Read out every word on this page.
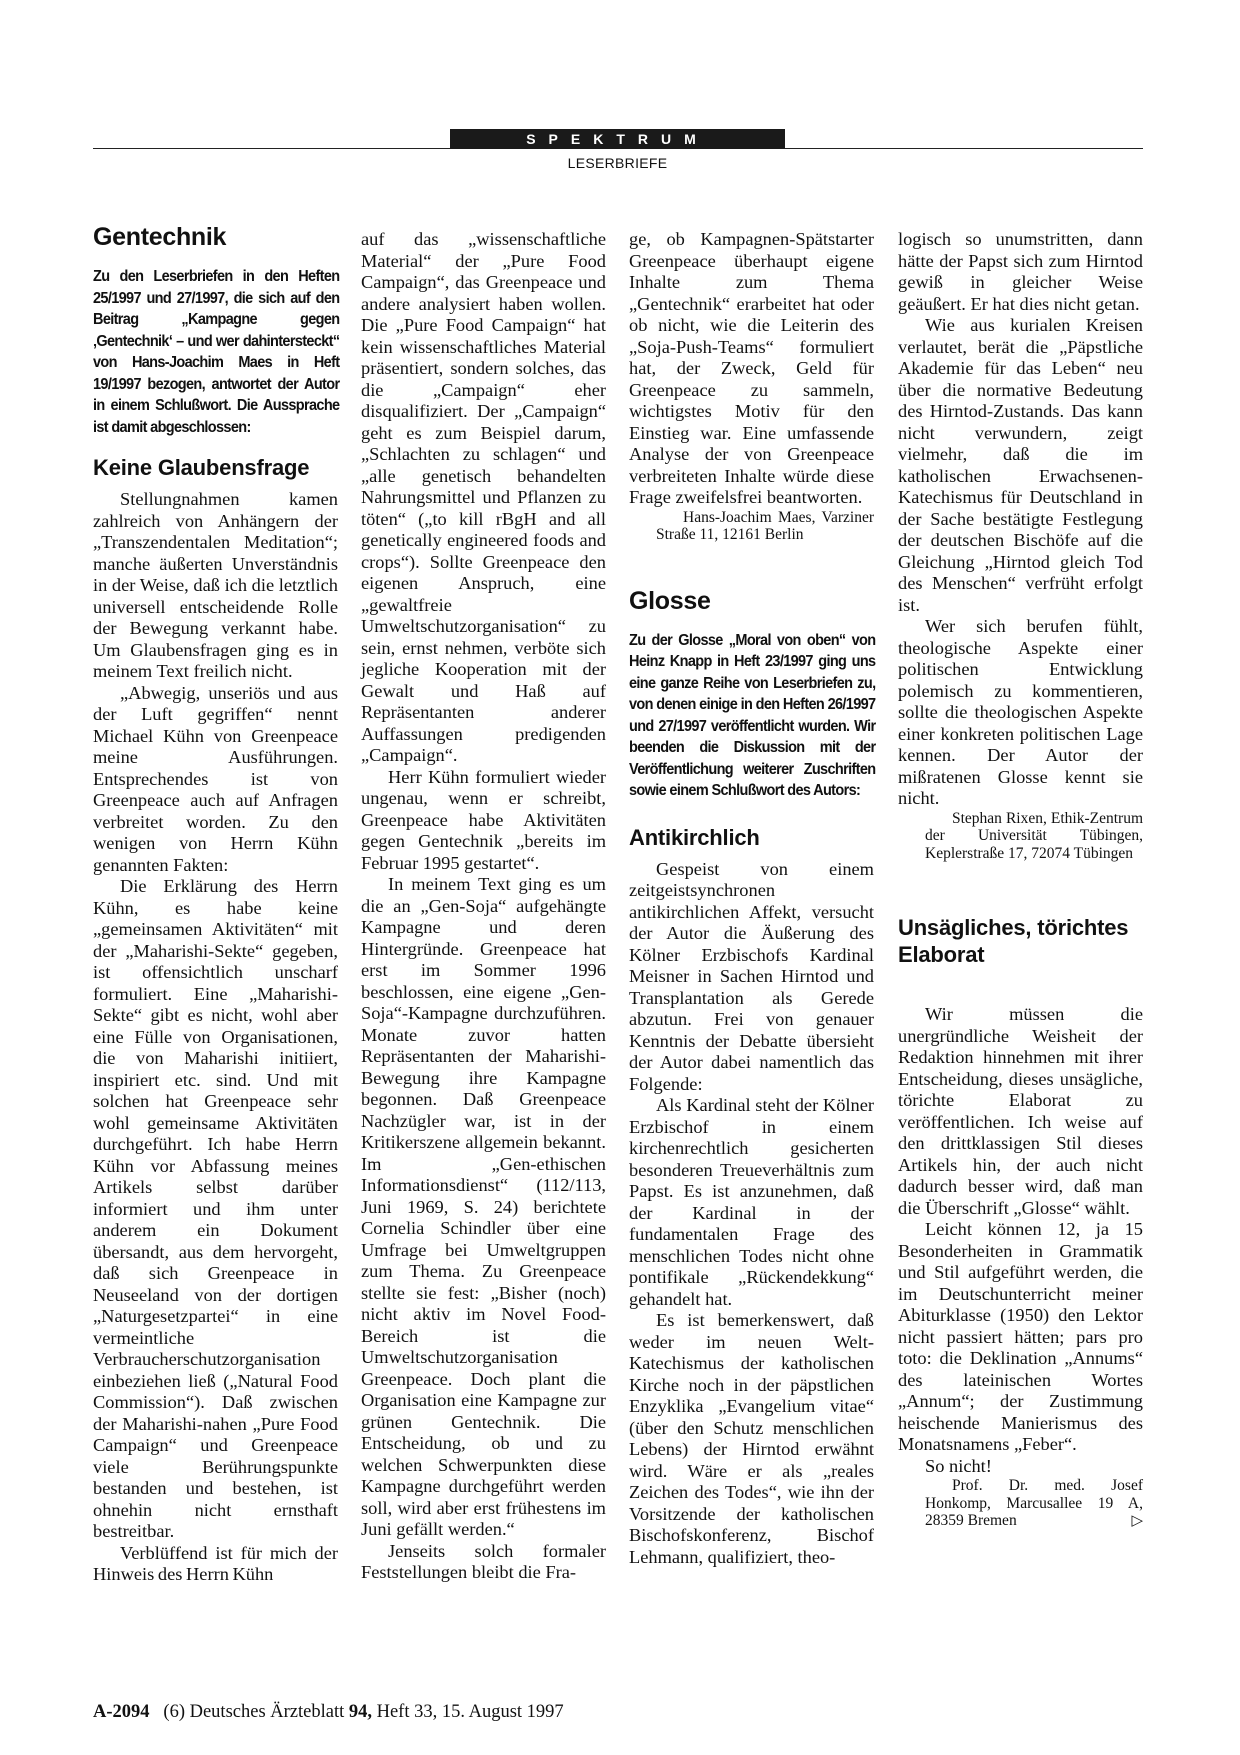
SPEKTRUM
LESERBRIEFE
Gentechnik
Zu den Leserbriefen in den Heften 25/1997 und 27/1997, die sich auf den Beitrag „Kampagne gegen ‚Gentechnik‘ – und wer dahintersteckt“ von Hans-Joachim Maes in Heft 19/1997 bezogen, antwortet der Autor in einem Schlußwort. Die Aussprache ist damit abgeschlossen:
Keine Glaubensfrage

Stellungnahmen kamen zahlreich von Anhängern der „Transzendentalen Meditation“; manche äußerten Unverständnis in der Weise, daß ich die letztlich universell entscheidende Rolle der Bewegung verkannt habe. Um Glaubensfragen ging es in meinem Text freilich nicht.

„Abwegig, unseriös und aus der Luft gegriffen“ nennt Michael Kühn von Greenpeace meine Ausführungen. Entsprechendes ist von Greenpeace auch auf Anfragen verbreitet worden. Zu den wenigen von Herrn Kühn genannten Fakten:

Die Erklärung des Herrn Kühn, es habe keine „gemeinsamen Aktivitäten“ mit der „Maharishi-Sekte“ gegeben, ist offensichtlich unscharf formuliert. Eine „Maharishi-Sekte“ gibt es nicht, wohl aber eine Fülle von Organisationen, die von Maharishi initiiert, inspiriert etc. sind. Und mit solchen hat Greenpeace sehr wohl gemeinsame Aktivitäten durchgeführt. Ich habe Herrn Kühn vor Abfassung meines Artikels selbst darüber informiert und ihm unter anderem ein Dokument übersandt, aus dem hervorgeht, daß sich Greenpeace in Neuseeland von der dortigen „Naturgesetzpartei“ in eine vermeintliche Verbraucherschutzorganisation einbeziehen ließ („Natural Food Commission“). Daß zwischen der Maharishi-nahen „Pure Food Campaign“ und Greenpeace viele Berührungspunkte bestanden und bestehen, ist ohnehin nicht ernsthaft bestreitbar.

Verblüffend ist für mich der Hinweis des Herrn Kühn

auf das „wissenschaftliche Material“ der „Pure Food Campaign“, das Greenpeace und andere analysiert haben wollen. Die „Pure Food Campaign“ hat kein wissenschaftliches Material präsentiert, sondern solches, das die „Campaign“ eher disqualifiziert. Der „Campaign“ geht es zum Beispiel darum, „Schlachten zu schlagen“ und „alle genetisch behandelten Nahrungsmittel und Pflanzen zu töten“ („to kill rBgH and all genetically engineered foods and crops“). Sollte Greenpeace den eigenen Anspruch, eine „gewaltfreie Umweltschutzorganisation“ zu sein, ernst nehmen, verböte sich jegliche Kooperation mit der Gewalt und Haß auf Repräsentanten anderer Auffassungen predigenden „Campaign“.

Herr Kühn formuliert wieder ungenau, wenn er schreibt, Greenpeace habe Aktivitäten gegen Gentechnik „bereits im Februar 1995 gestartet“.

In meinem Text ging es um die an „Gen-Soja“ aufgehängte Kampagne und deren Hintergründe. Greenpeace hat erst im Sommer 1996 beschlossen, eine eigene „Gen-Soja“-Kampagne durchzuführen. Monate zuvor hatten Repräsentanten der Maharishi-Bewegung ihre Kampagne begonnen. Daß Greenpeace Nachzügler war, ist in der Kritikerszene allgemein bekannt. Im „Gen-ethischen Informationsdienst“ (112/113, Juni 1969, S. 24) berichtete Cornelia Schindler über eine Umfrage bei Umweltgruppen zum Thema. Zu Greenpeace stellte sie fest: „Bisher (noch) nicht aktiv im Novel Food-Bereich ist die Umweltschutzorganisation Greenpeace. Doch plant die Organisation eine Kampagne zur grünen Gentechnik. Die Entscheidung, ob und zu welchen Schwerpunkten diese Kampagne durchgeführt werden soll, wird aber erst frühestens im Juni gefällt werden.“

Jenseits solch formaler Feststellungen bleibt die Fra-

ge, ob Kampagnen-Spätstarter Greenpeace überhaupt eigene Inhalte zum Thema „Gentechnik“ erarbeitet hat oder ob nicht, wie die Leiterin des „Soja-Push-Teams“ formuliert hat, der Zweck, Geld für Greenpeace zu sammeln, wichtigstes Motiv für den Einstieg war. Eine umfassende Analyse der von Greenpeace verbreiteten Inhalte würde diese Frage zweifelsfrei beantworten.

Hans-Joachim Maes, Varziner Straße 11, 12161 Berlin

Glosse
Zu der Glosse „Moral von oben“ von Heinz Knapp in Heft 23/1997 ging uns eine ganze Reihe von Leserbriefen zu, von denen einige in den Heften 26/1997 und 27/1997 veröffentlicht wurden. Wir beenden die Diskussion mit der Veröffentlichung weiterer Zuschriften sowie einem Schlußwort des Autors:
Antikirchlich

Gespeist von einem zeitgeistsynchronen antikirchlichen Affekt, versucht der Autor die Äußerung des Kölner Erzbischofs Kardinal Meisner in Sachen Hirntod und Transplantation als Gerede abzutun. Frei von genauer Kenntnis der Debatte übersieht der Autor dabei namentlich das Folgende:

Als Kardinal steht der Kölner Erzbischof in einem kirchenrechtlich gesicherten besonderen Treueverhältnis zum Papst. Es ist anzunehmen, daß der Kardinal in der fundamentalen Frage des menschlichen Todes nicht ohne pontifikale „Rückendekkung“ gehandelt hat.

Es ist bemerkenswert, daß weder im neuen Welt-Katechismus der katholischen Kirche noch in der päpstlichen Enzyklika „Evangelium vitae“ (über den Schutz menschlichen Lebens) der Hirntod erwähnt wird. Wäre er als „reales Zeichen des Todes“, wie ihn der Vorsitzende der katholischen Bischofskonferenz, Bischof Lehmann, qualifiziert, theo-

logisch so unumstritten, dann hätte der Papst sich zum Hirntod gewiß in gleicher Weise geäußert. Er hat dies nicht getan.

Wie aus kurialen Kreisen verlautet, berät die „Päpstliche Akademie für das Leben“ neu über die normative Bedeutung des Hirntod-Zustands. Das kann nicht verwundern, zeigt vielmehr, daß die im katholischen Erwachsenen-Katechismus für Deutschland in der Sache bestätigte Festlegung der deutschen Bischöfe auf die Gleichung „Hirntod gleich Tod des Menschen“ verfrüht erfolgt ist.

Wer sich berufen fühlt, theologische Aspekte einer politischen Entwicklung polemisch zu kommentieren, sollte die theologischen Aspekte einer konkreten politischen Lage kennen. Der Autor der mißratenen Glosse kennt sie nicht.

Stephan Rixen, Ethik-Zentrum der Universität Tübingen, Keplerstraße 17, 72074 Tübingen

Unsägliches, törichtes Elaborat

Wir müssen die unergründliche Weisheit der Redaktion hinnehmen mit ihrer Entscheidung, dieses unsägliche, törichte Elaborat zu veröffentlichen. Ich weise auf den drittklassigen Stil dieses Artikels hin, der auch nicht dadurch besser wird, daß man die Überschrift „Glosse“ wählt.

Leicht können 12, ja 15 Besonderheiten in Grammatik und Stil aufgeführt werden, die im Deutschunterricht meiner Abiturklasse (1950) den Lektor nicht passiert hätten; pars pro toto: die Deklination „Annums“ des lateinischen Wortes „Annum“; der Zustimmung heischende Manierismus des Monatsnamens „Feber“.

So nicht!

Prof. Dr. med. Josef Honkomp, Marcusallee 19 A, 28359 Bremen	▷

A-2094 (6) Deutsches Ärzteblatt 94, Heft 33, 15. August 1997
